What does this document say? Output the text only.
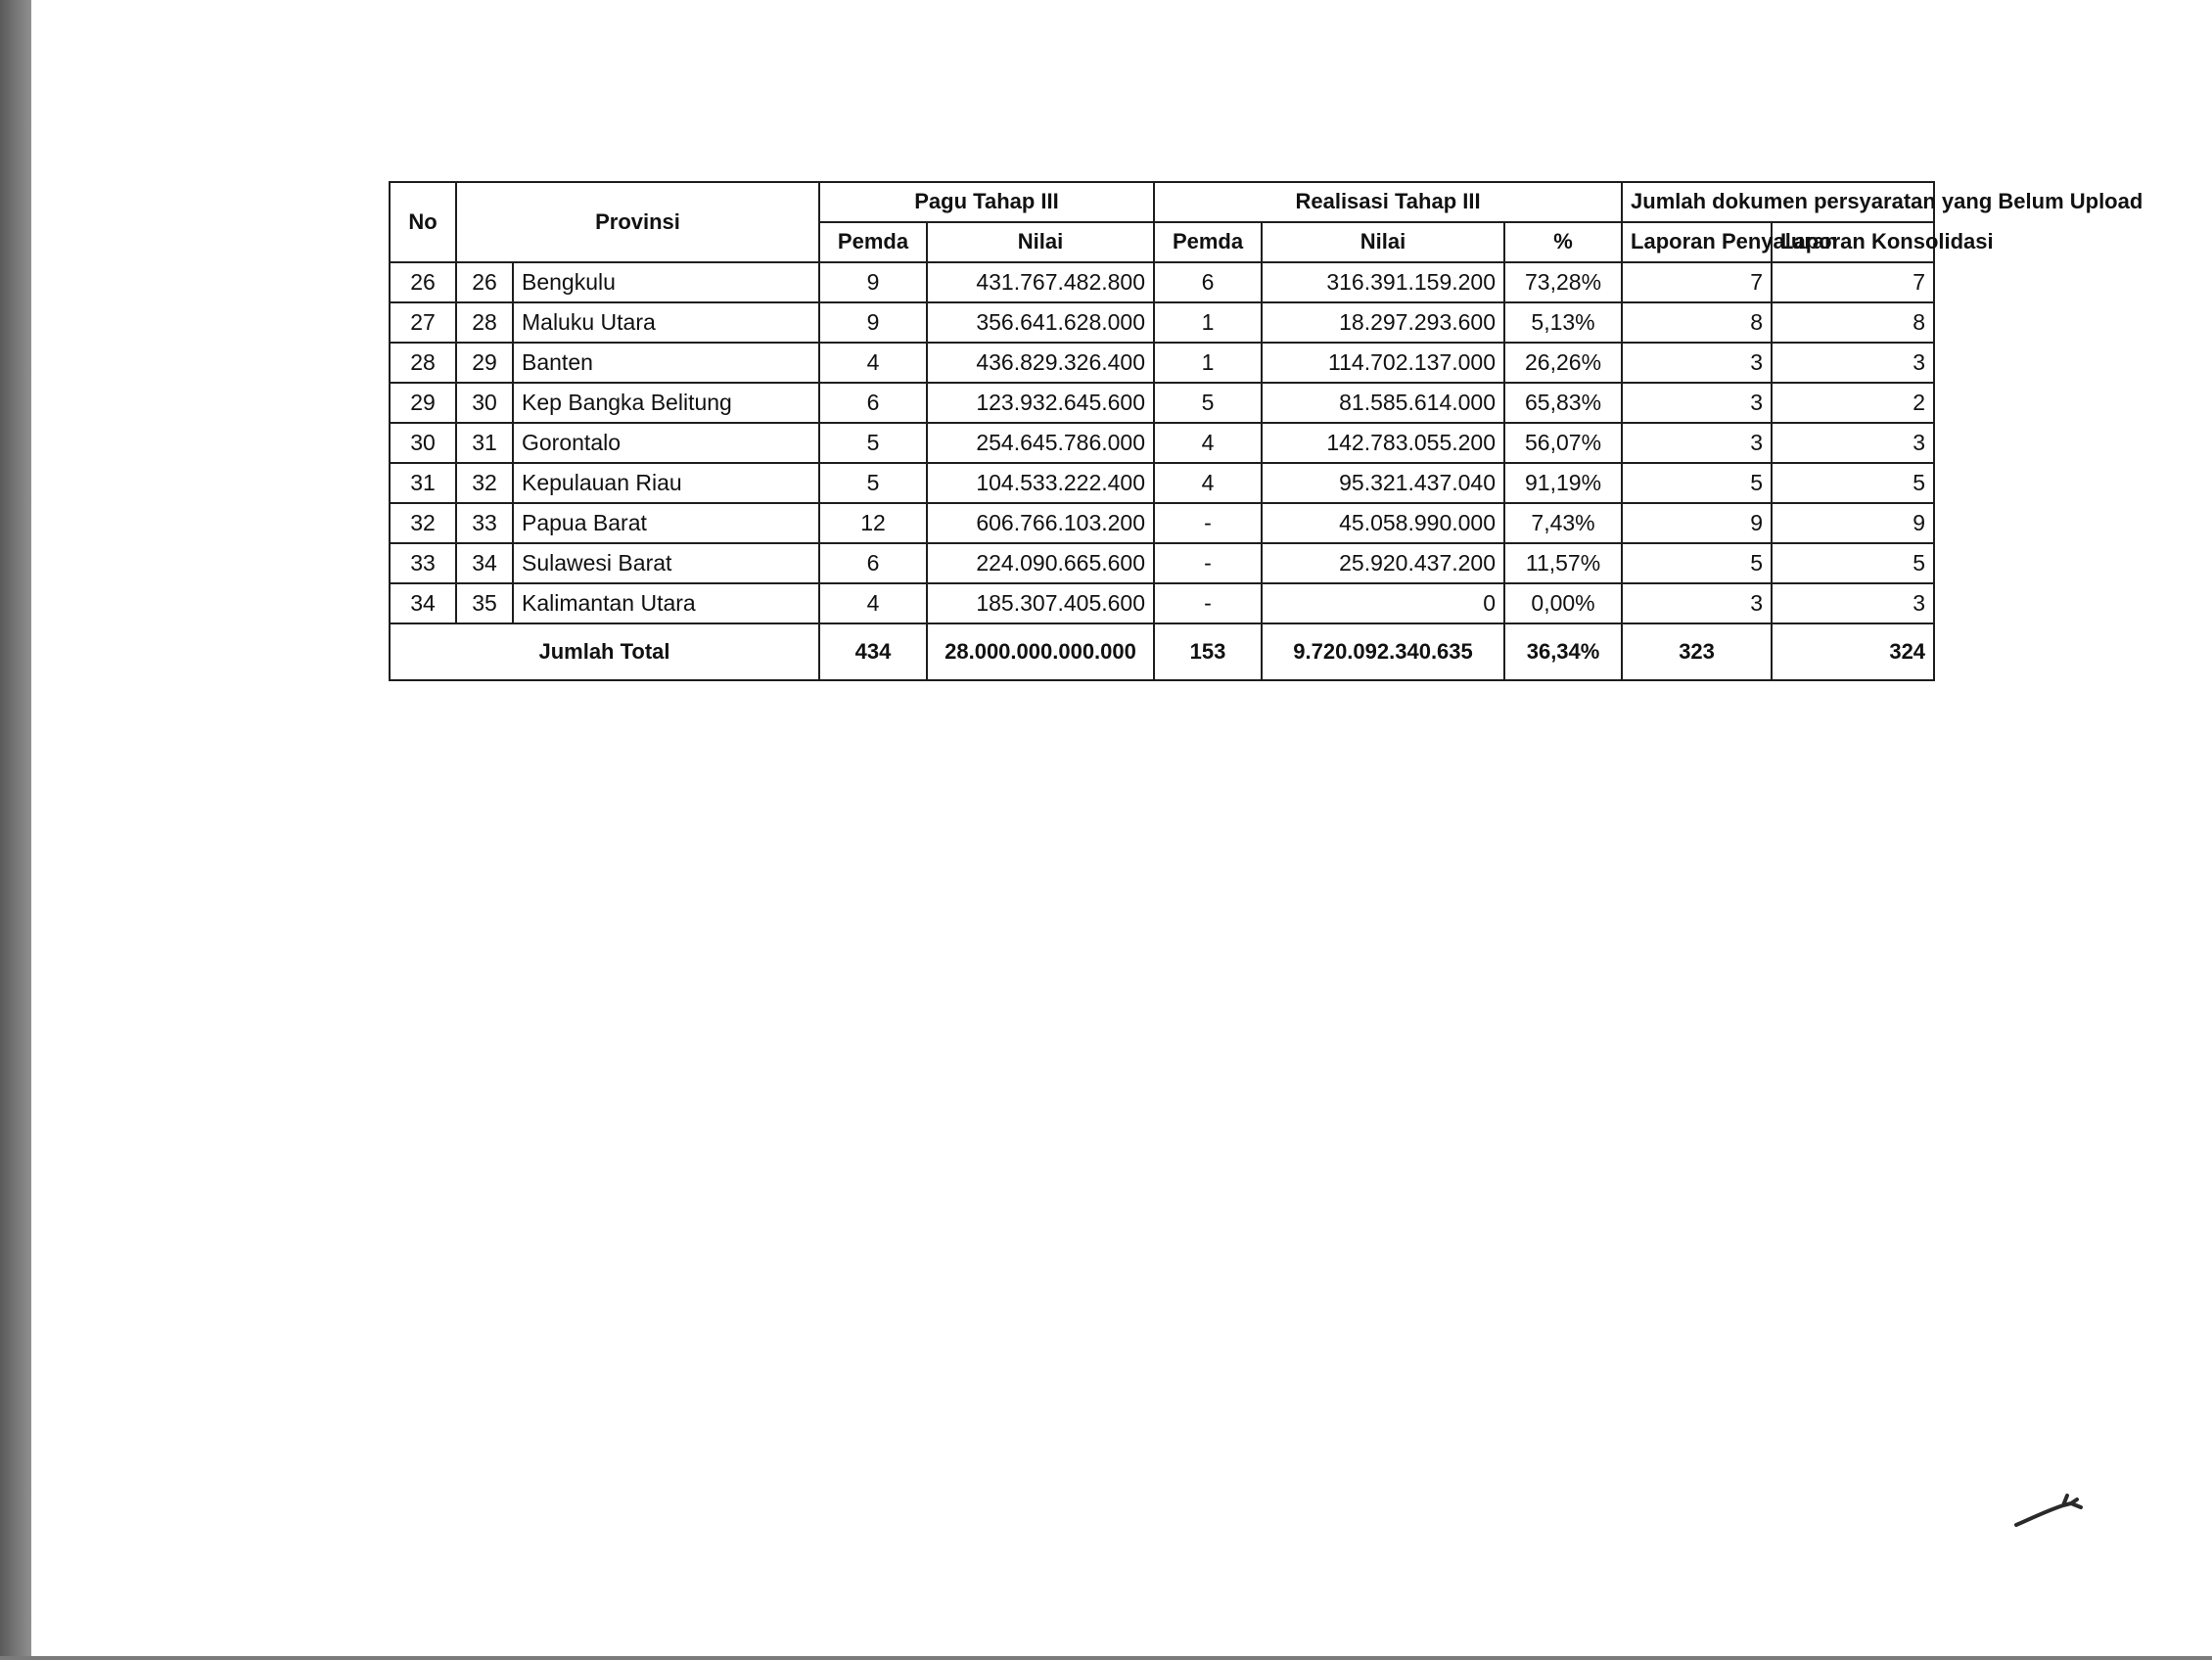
No	Provinsi		Pagu Tahap III		Realisasi Tahap III			Jumlah dokumen persyaratan yang Belum Upload	
			Pemda	Nilai	Pemda	Nilai	%	Laporan Penyaluran	Laporan Konsolidasi
26	26	Bengkulu	9	431.767.482.800	6	316.391.159.200	73,28%	7	7
27	28	Maluku Utara	9	356.641.628.000	1	18.297.293.600	5,13%	8	8
28	29	Banten	4	436.829.326.400	1	114.702.137.000	26,26%	3	3
29	30	Kep Bangka Belitung	6	123.932.645.600	5	81.585.614.000	65,83%	3	2
30	31	Gorontalo	5	254.645.786.000	4	142.783.055.200	56,07%	3	3
31	32	Kepulauan Riau	5	104.533.222.400	4	95.321.437.040	91,19%	5	5
32	33	Papua Barat	12	606.766.103.200	-	45.058.990.000	7,43%	9	9
33	34	Sulawesi Barat	6	224.090.665.600	-	25.920.437.200	11,57%	5	5
34	35	Kalimantan Utara	4	185.307.405.600	-	0	0,00%	3	3
Jumlah Total			434	28.000.000.000.000	153	9.720.092.340.635	36,34%	323	324
